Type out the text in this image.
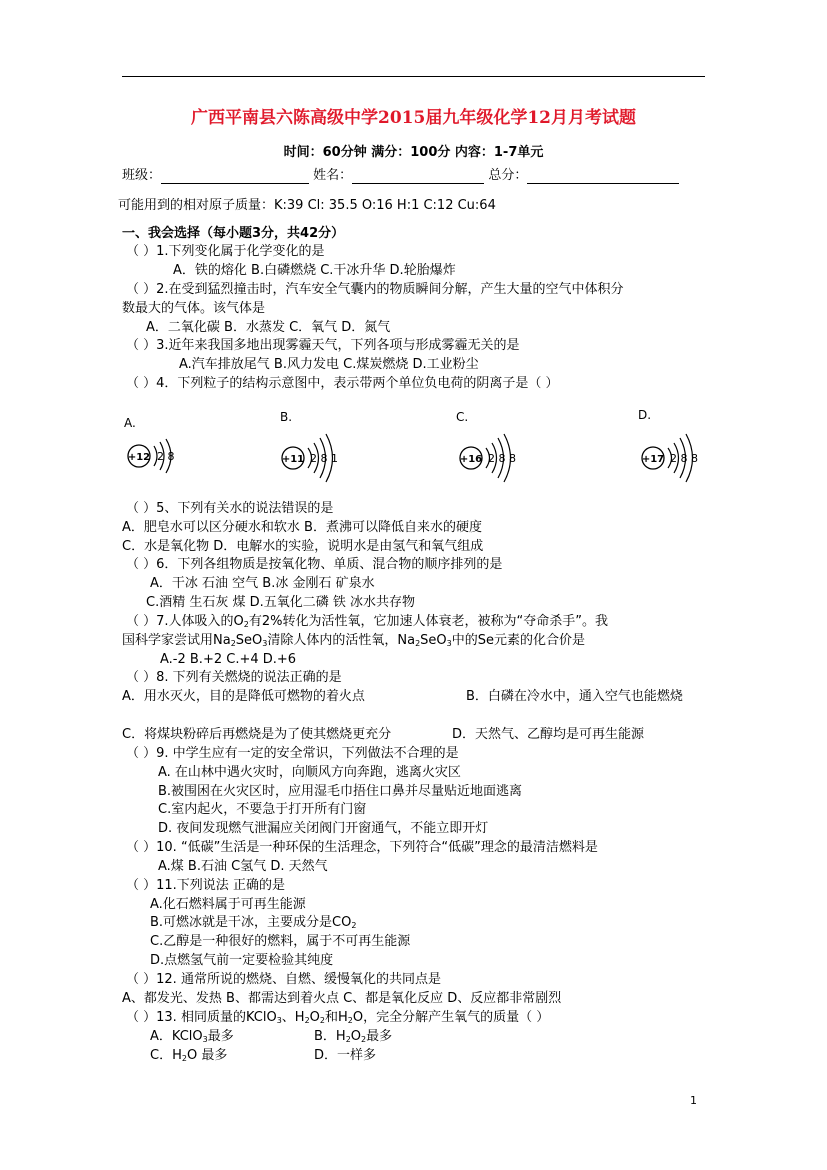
广西平南县六陈高级中学2015届九年级化学12月月考试题
时间：60分钟 满分：100分 内容：1-7单元
班级：	姓名：	总分：
可能用到的相对原子质量：K:39 Cl: 35.5 O:16 H:1 C:12 Cu:64
一、我会选择（每小题3分，共42分）
（ ）1.下列变化属于化学变化的是
A．铁的熔化 B.白磷燃烧 C.干冰升华 D.轮胎爆炸
（ ）2.在受到猛烈撞击时，汽车安全气囊内的物质瞬间分解，产生大量的空气中体积分
数最大的气体。该气体是
A．二氧化碳 B．水蒸发 C．氧气 D．氮气
（ ）3.近年来我国多地出现雾霾天气，下列各项与形成雾霾无关的是
A.汽车排放尾气 B.风力发电 C.煤炭燃烧 D.工业粉尘
（ ）4．下列粒子的结构示意图中，表示带两个单位负电荷的阴离子是（ ）
A.	B.	C.	D.
+12 2 8	+11 2 8 1	+16 2 8 8	+17 2 8 8
（ ）5、下列有关水的说法错误的是
A．肥皂水可以区分硬水和软水 B．煮沸可以降低自来水的硬度
C．水是氧化物 D．电解水的实验，说明水是由氢气和氧气组成
（ ）6．下列各组物质是按氧化物、单质、混合物的顺序排列的是
A．干冰 石油 空气 B.冰 金刚石 矿泉水
C.酒精 生石灰 煤 D.五氧化二磷 铁 冰水共存物
（ ）7.人体吸入的$O_2$有2%转化为活性氧，它加速人体衰老，被称为“夺命杀手”。我
国科学家尝试用$Na_2SeO_3$清除人体内的活性氧，$Na_2SeO_3$中的Se元素的化合价是
A.-2 B.+2 C.+4 D.+6
（ ）8. 下列有关燃烧的说法正确的是
A．用水灭火，目的是降低可燃物的着火点	B．白磷在冷水中，通入空气也能燃烧
C．将煤块粉碎后再燃烧是为了使其燃烧更充分	D．天然气、乙醇均是可再生能源
（ ）9. 中学生应有一定的安全常识，下列做法不合理的是
A. 在山林中遇火灾时，向顺风方向奔跑，逃离火灾区
B.被围困在火灾区时，应用湿毛巾捂住口鼻并尽量贴近地面逃离
C.室内起火，不要急于打开所有门窗
D. 夜间发现燃气泄漏应关闭阀门开窗通气，不能立即开灯
（ ）10. “低碳”生活是一种环保的生活理念，下列符合“低碳”理念的最清洁燃料是
A.煤 B.石油 C氢气 D. 天然气
（ ）11.下列说法 正确的是
A.化石燃料属于可再生能源
B.可燃冰就是干冰，主要成分是$CO_2$
C.乙醇是一种很好的燃料，属于不可再生能源
D.点燃氢气前一定要检验其纯度
（ ）12. 通常所说的燃烧、自燃、缓慢氧化的共同点是
A、都发光、发热 B、都需达到着火点 C、都是氧化反应 D、反应都非常剧烈
（ ）13. 相同质量的KClO$_3$、$H_2O_2$和$H_2O$，完全分解产生氧气的质量（ ）
A．KClO$_3$最多	B．$H_2O_2$最多
C．$H_2O$ 最多	D．一样多
1
